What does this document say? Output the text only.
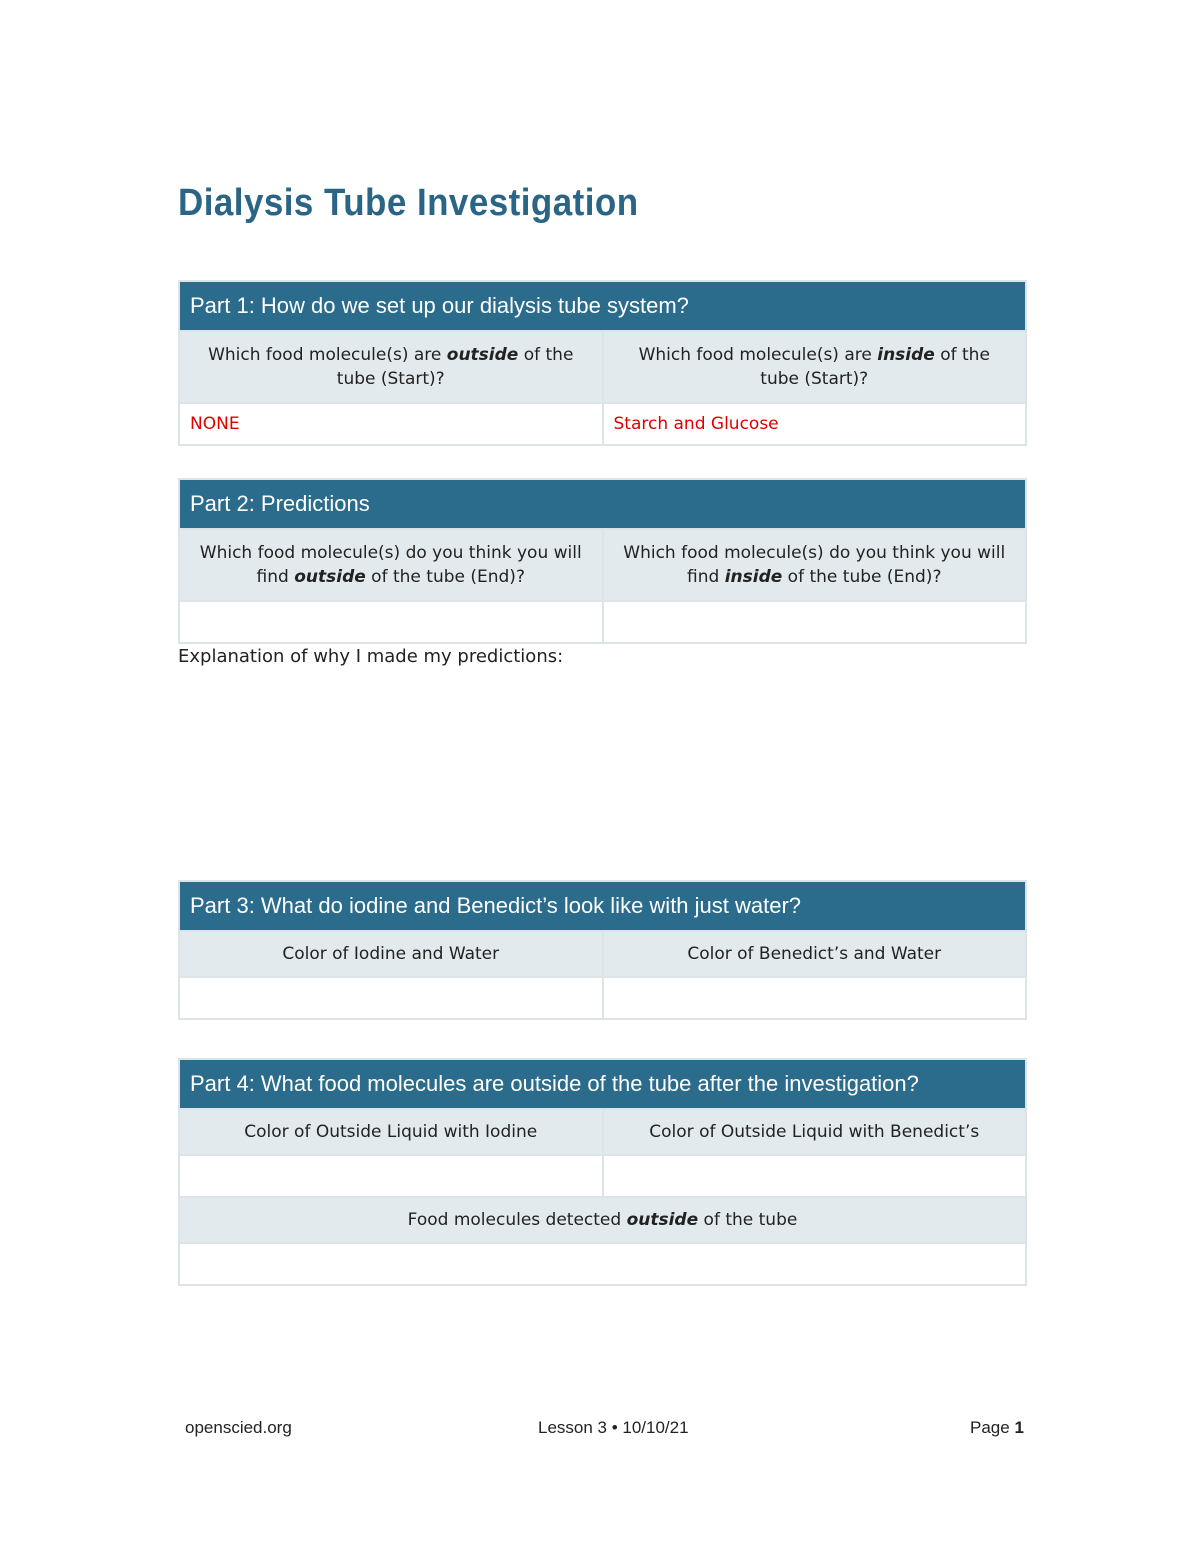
Dialysis Tube Investigation
Part 1: How do we set up our dialysis tube system?	
Which food molecule(s) are outside of the tube (Start)?	Which food molecule(s) are inside of the tube (Start)?
NONE	Starch and Glucose
Part 2: Predictions	
Which food molecule(s) do you think you will find outside of the tube (End)?	Which food molecule(s) do you think you will find inside of the tube (End)?

Explanation of why I made my predictions:
Part 3: What do iodine and Benedict’s look like with just water?	
Color of Iodine and Water	Color of Benedict’s and Water

Part 4: What food molecules are outside of the tube after the investigation?	
Color of Outside Liquid with Iodine	Color of Outside Liquid with Benedict’s

Food molecules detected outside of the tube	

openscied.org	Lesson 3 • 10/10/21	Page 1
